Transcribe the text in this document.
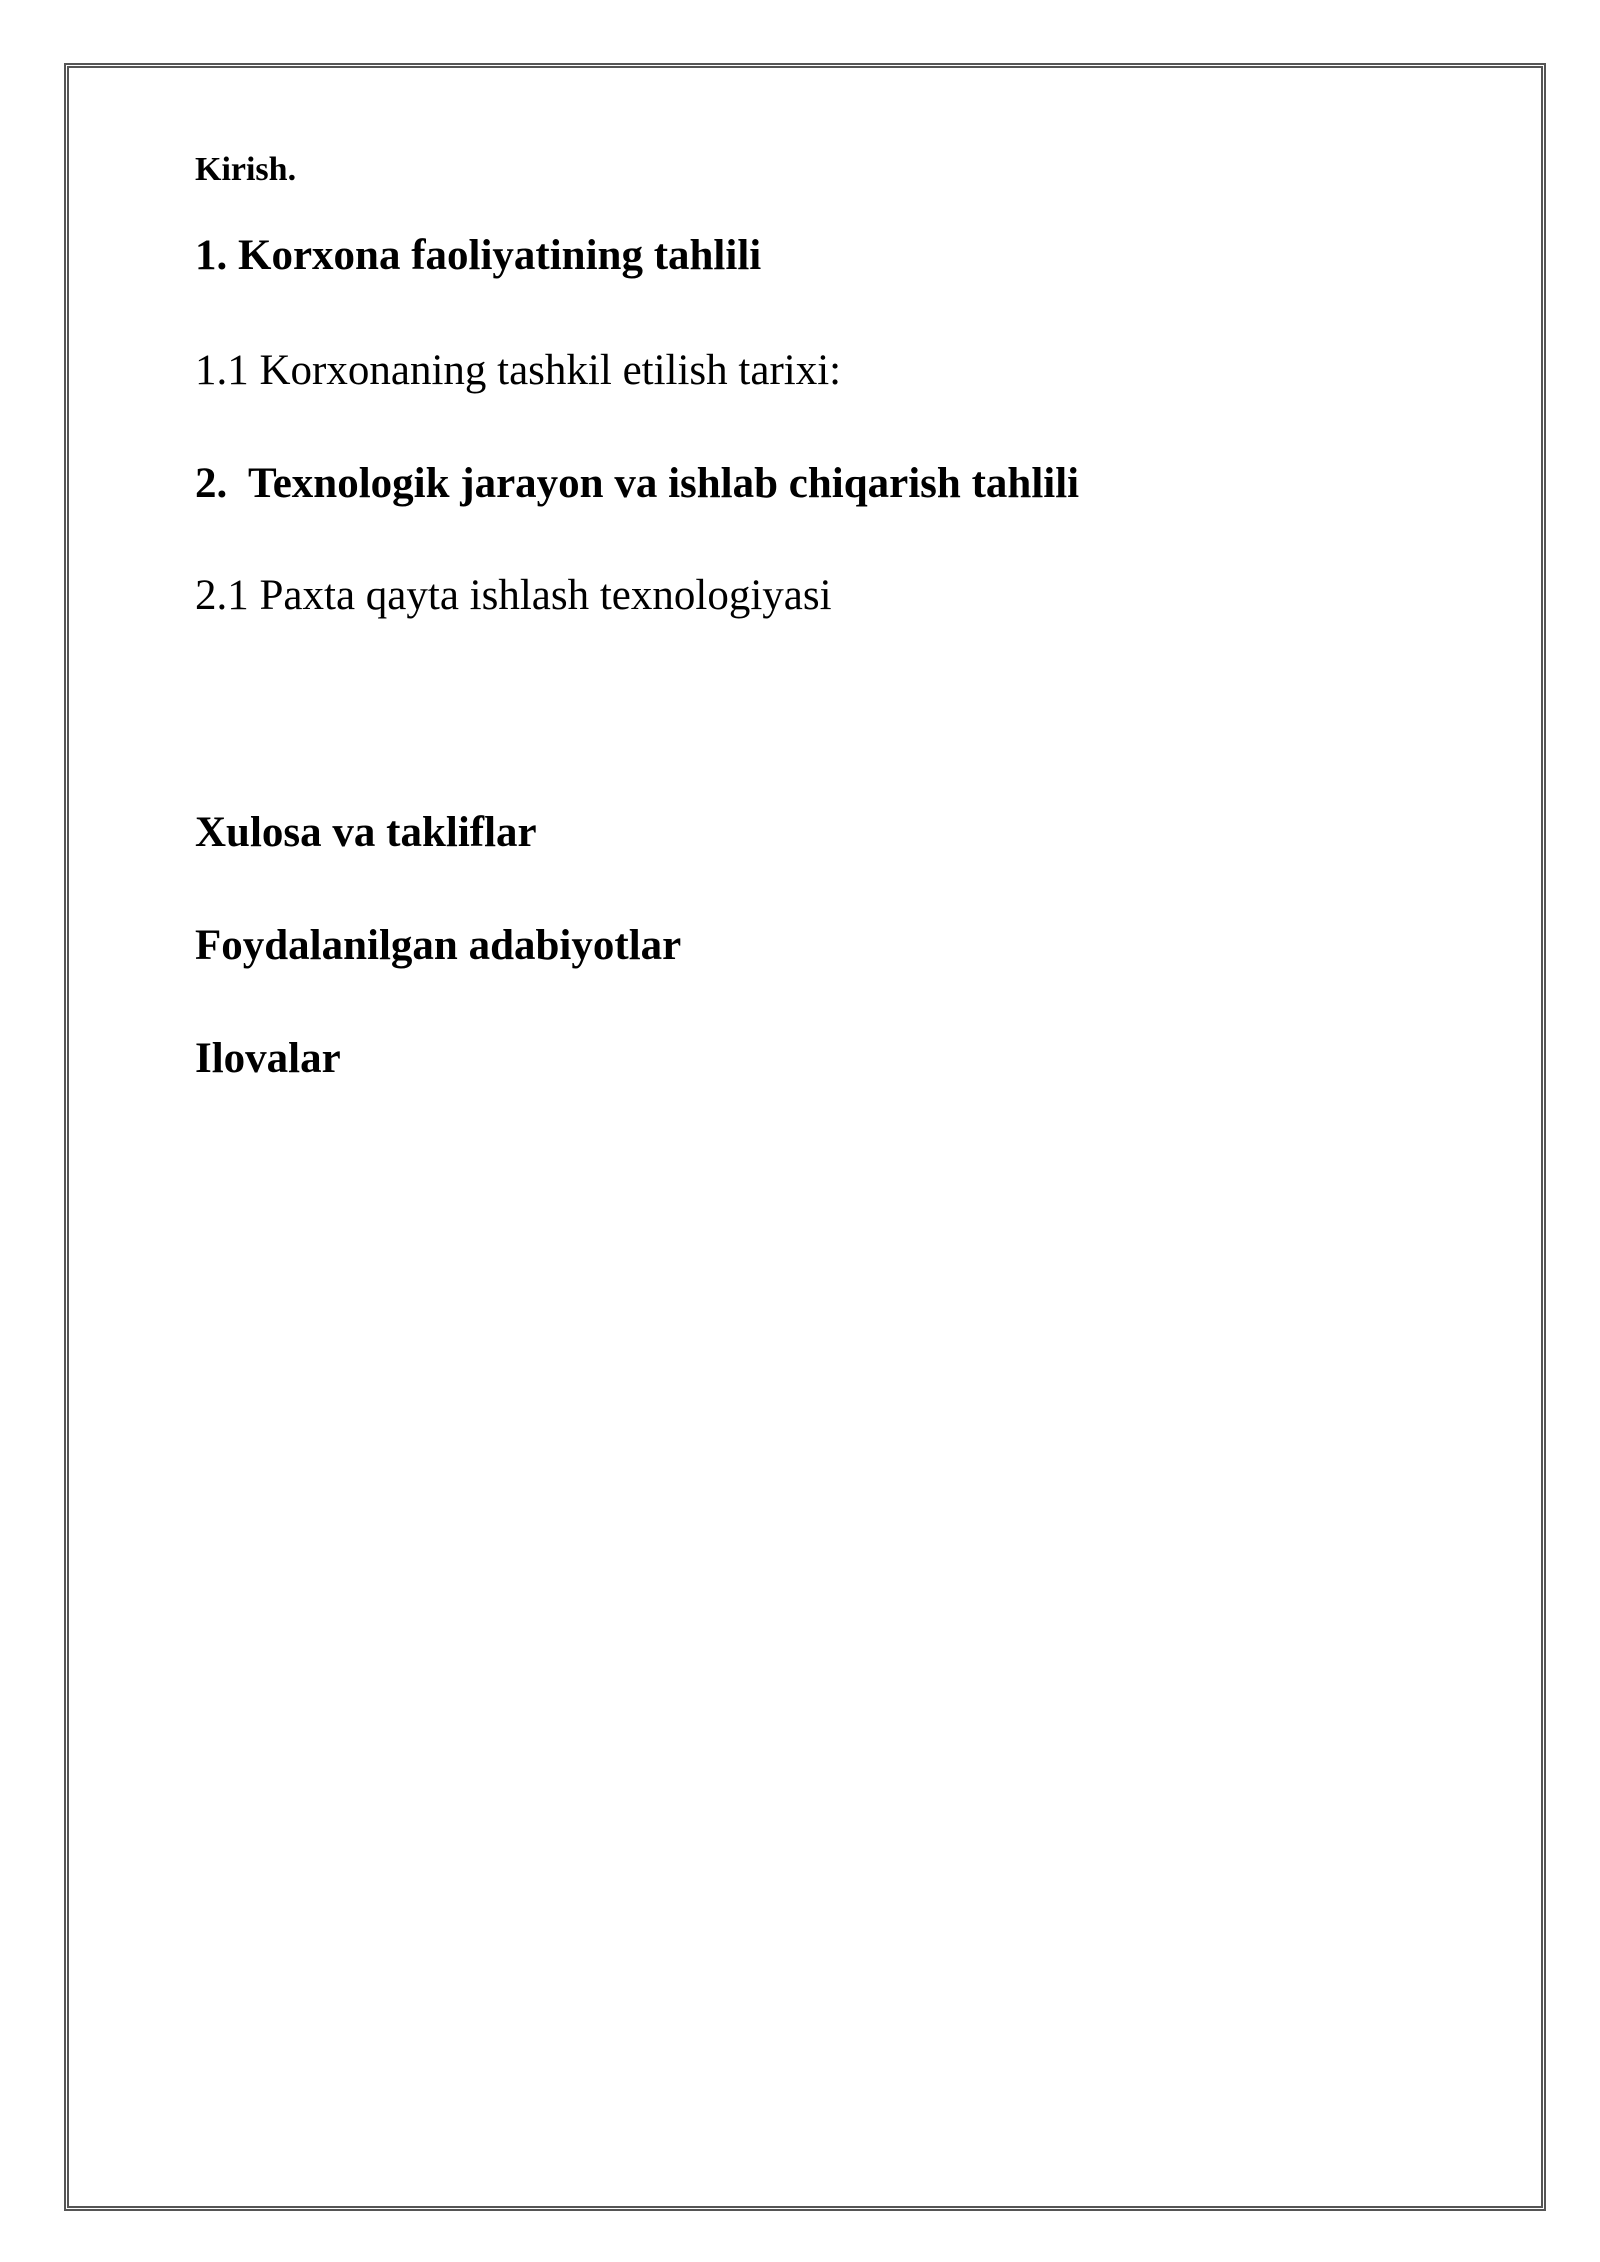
Kirish.
1. Korxona faoliyatining tahlili
1.1 Korxonaning tashkil etilish tarixi:
2.  Texnologik jarayon va ishlab chiqarish tahlili
2.1 Paxta qayta ishlash texnologiyasi
Xulosa va takliflar
Foydalanilgan adabiyotlar
Ilovalar
